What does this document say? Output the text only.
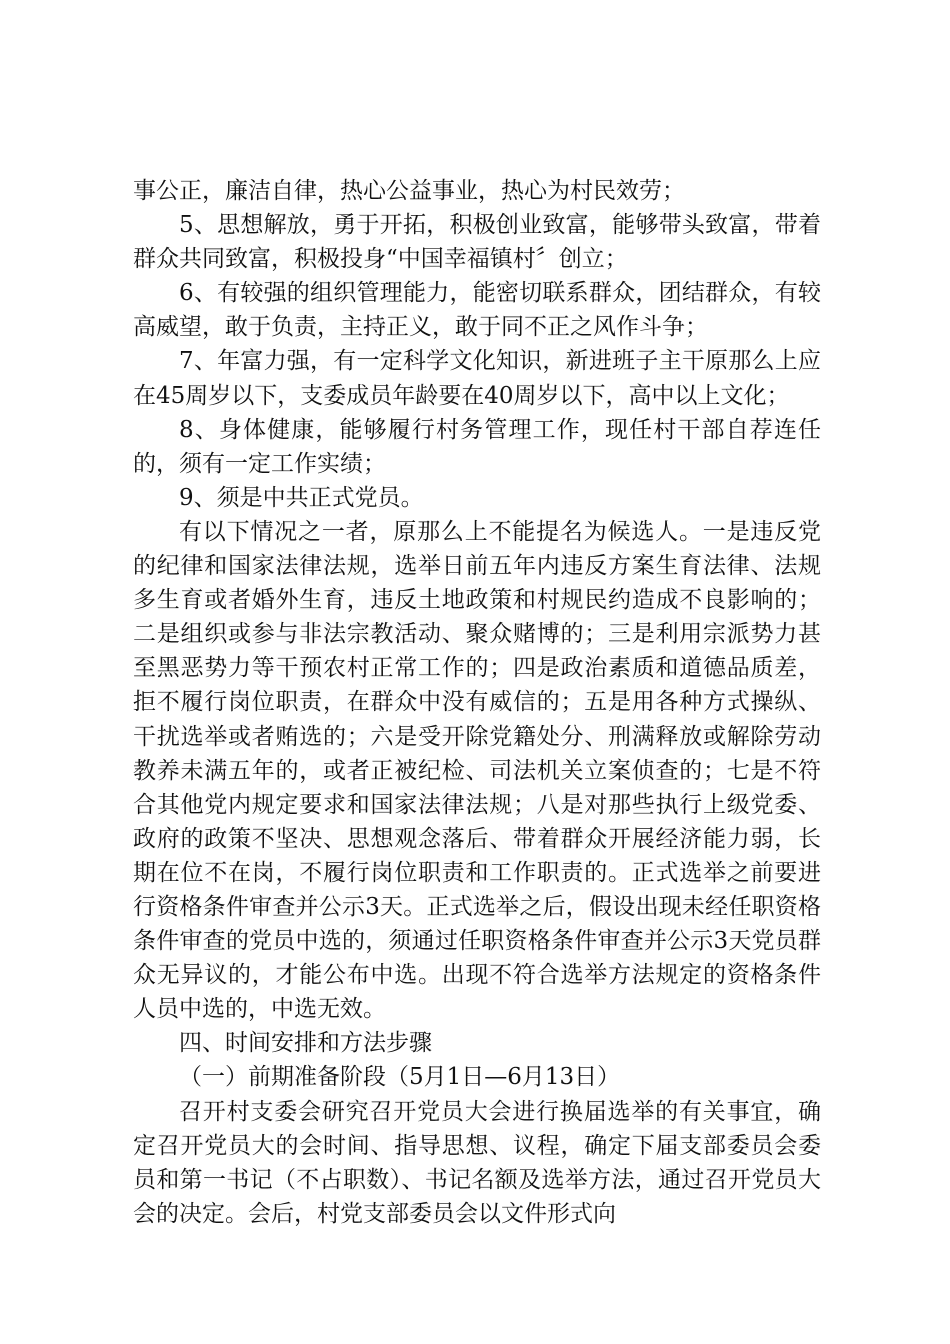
事公正，廉洁自律，热心公益事业，热心为村民效劳；

5、思想解放，勇于开拓，积极创业致富，能够带头致富，带着群众共同致富，积极投身“中国幸福镇村〞创立；

6、有较强的组织管理能力，能密切联系群众，团结群众，有较高威望，敢于负责，主持正义，敢于同不正之风作斗争；

7、年富力强，有一定科学文化知识，新进班子主干原那么上应在45周岁以下，支委成员年龄要在40周岁以下，高中以上文化；

8、身体健康，能够履行村务管理工作，现任村干部自荐连任的，须有一定工作实绩；

9、须是中共正式党员。

有以下情况之一者，原那么上不能提名为候选人。一是违反党的纪律和国家法律法规，选举日前五年内违反方案生育法律、法规多生育或者婚外生育，违反土地政策和村规民约造成不良影响的；二是组织或参与非法宗教活动、聚众赌博的；三是利用宗派势力甚至黑恶势力等干预农村正常工作的；四是政治素质和道德品质差，拒不履行岗位职责，在群众中没有威信的；五是用各种方式操纵、干扰选举或者贿选的；六是受开除党籍处分、刑满释放或解除劳动教养未满五年的，或者正被纪检、司法机关立案侦查的；七是不符合其他党内规定要求和国家法律法规；八是对那些执行上级党委、政府的政策不坚决、思想观念落后、带着群众开展经济能力弱，长期在位不在岗，不履行岗位职责和工作职责的。正式选举之前要进行资格条件审查并公示3天。正式选举之后，假设出现未经任职资格条件审查的党员中选的，须通过任职资格条件审查并公示3天党员群众无异议的，才能公布中选。出现不符合选举方法规定的资格条件人员中选的，中选无效。

四、时间安排和方法步骤

（一）前期准备阶段（5月1日—6月13日）

召开村支委会研究召开党员大会进行换届选举的有关事宜，确定召开党员大的会时间、指导思想、议程，确定下届支部委员会委员和第一书记（不占职数）、书记名额及选举方法，通过召开党员大会的决定。会后，村党支部委员会以文件形式向
